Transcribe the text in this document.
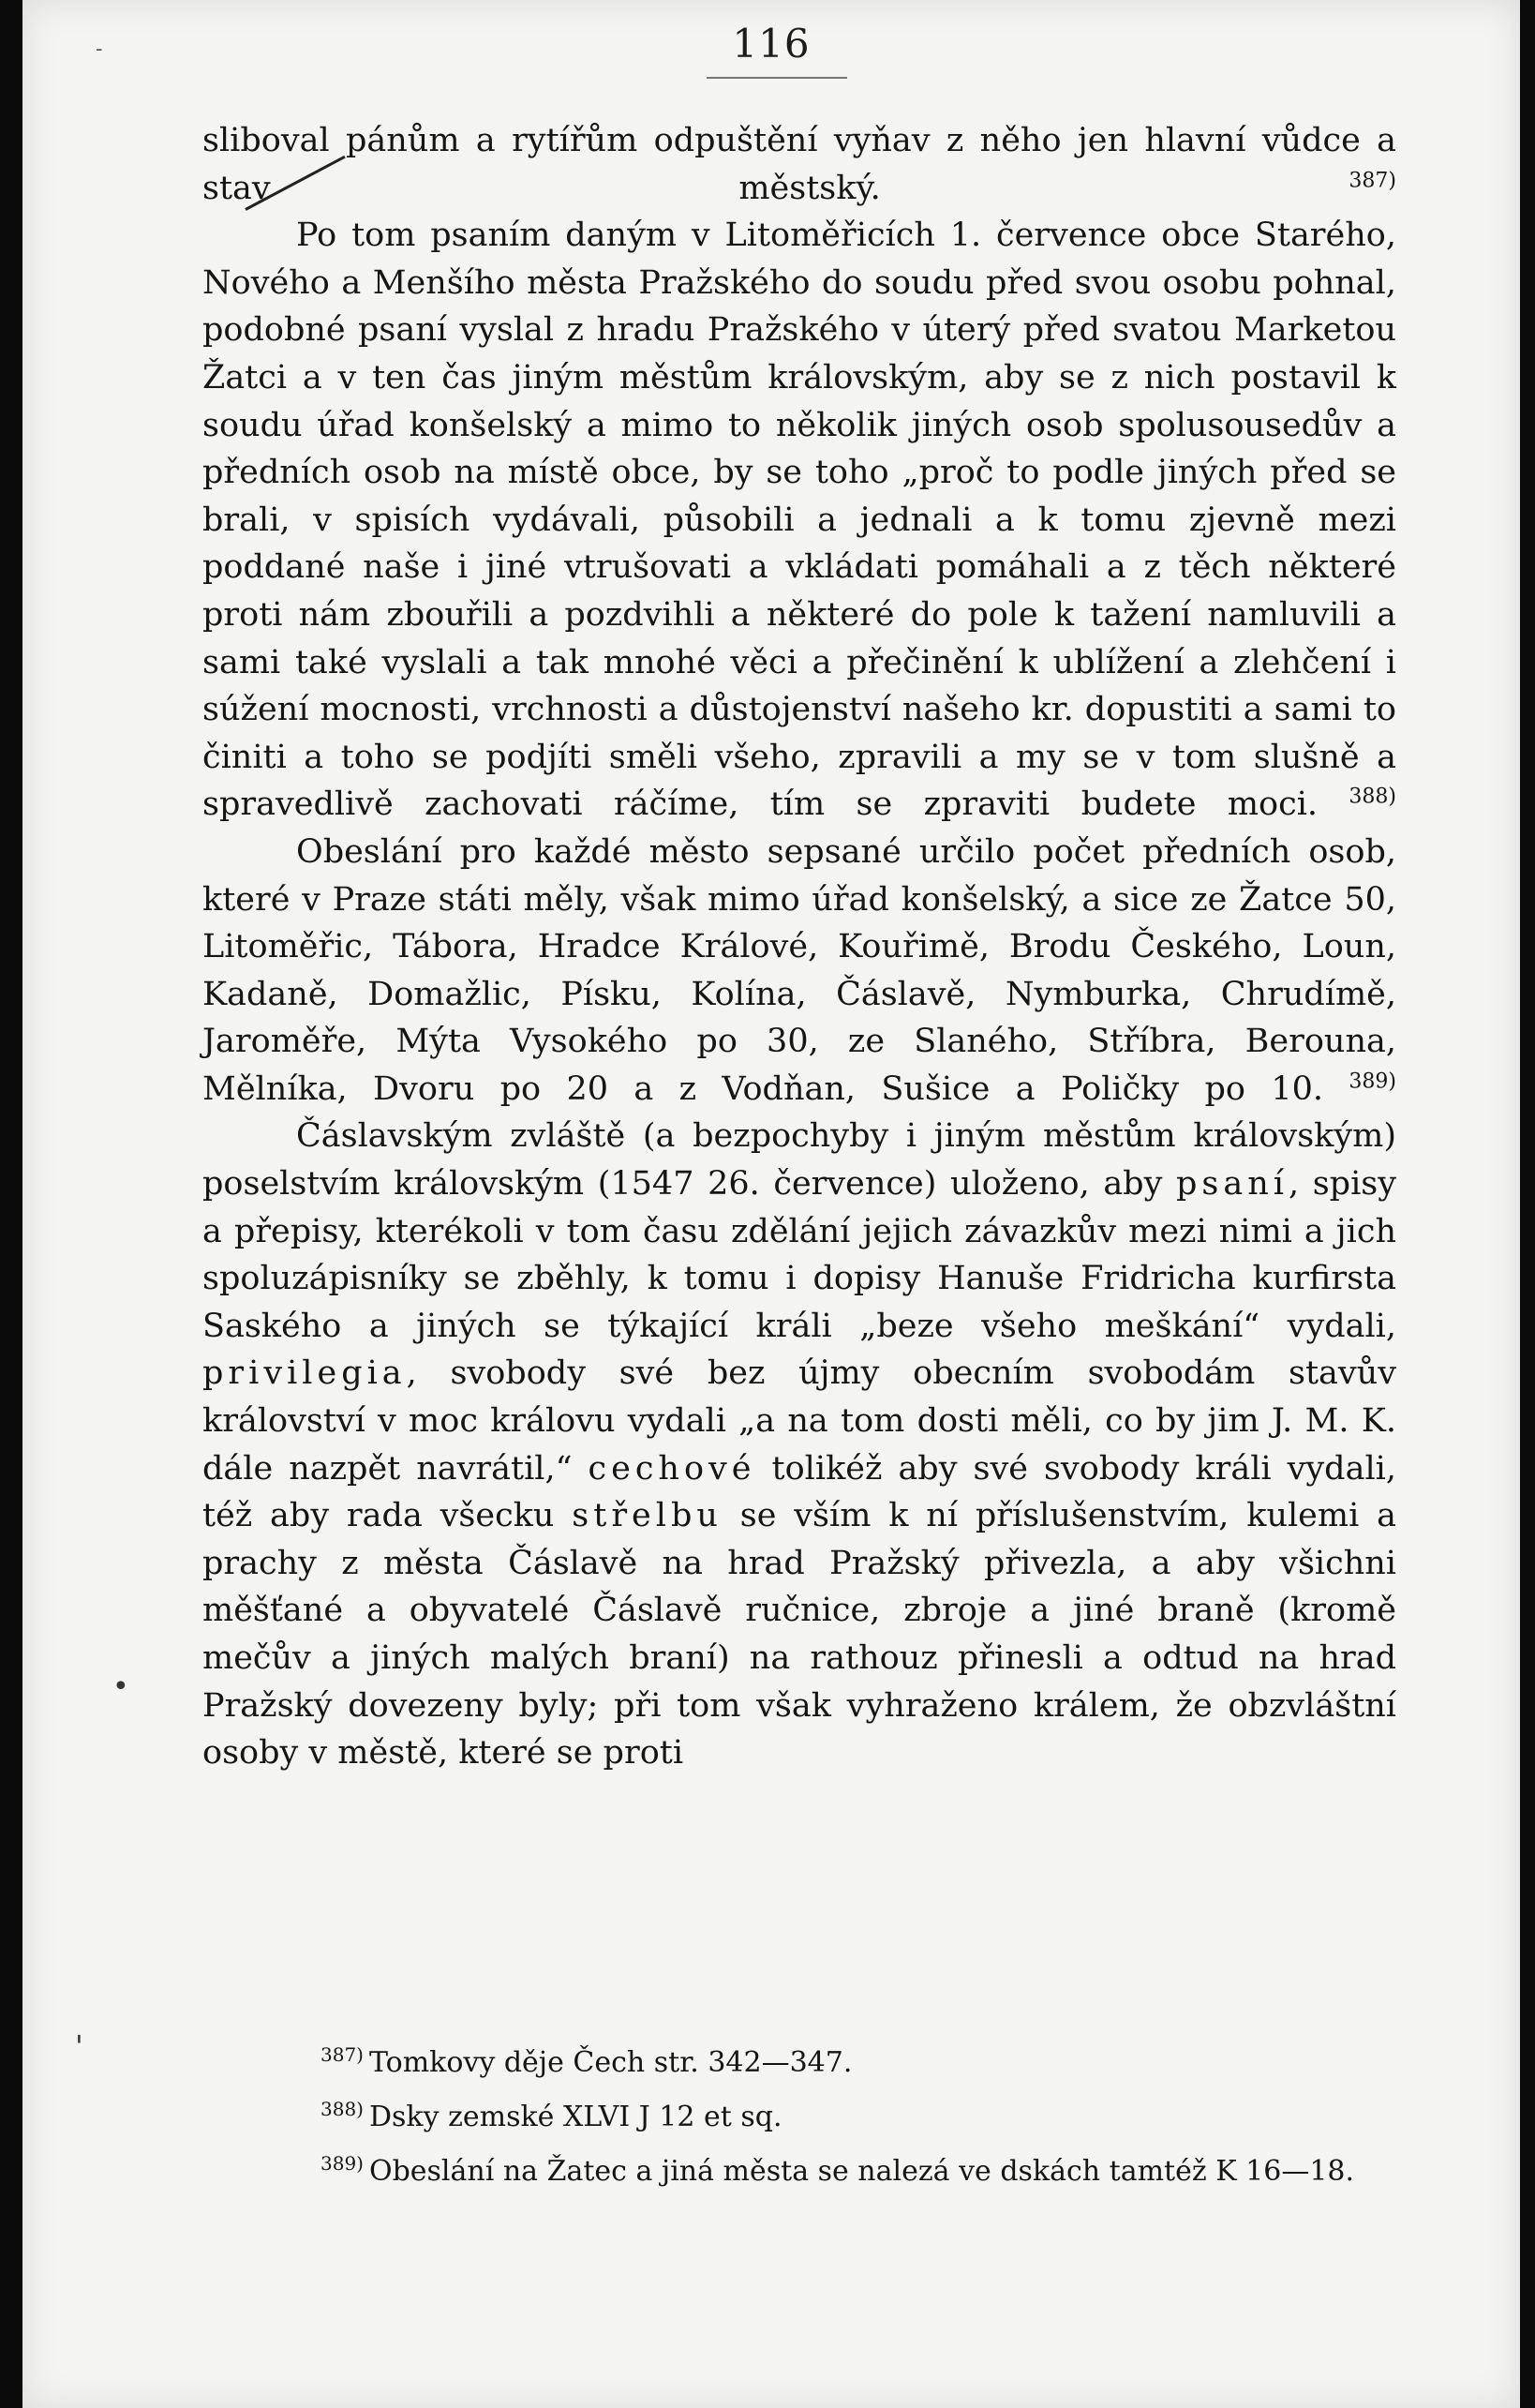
-	116

sliboval pánům a rytířům odpuštění vyňav z něho jen hlavní vůdce a stav městský.	$^{387)}$

Po tom psaním daným v Litoměřicích 1. července obce Starého, Nového a Menšího města Pražského do soudu před svou osobu pohnal, podobné psaní vyslal z hradu Pražského v úterý před svatou Marketou Žatci a v ten čas jiným městům královským, aby se z nich postavil k soudu úřad konšelský a mimo to několik jiných osob spolusousedův a předních osob na místě obce, by se toho „proč to podle jiných před se brali, v spisích vydávali, působili a jednali a k tomu zjevně mezi poddané naše i jiné vtrušovati a vkládati pomáhali a z těch některé proti nám zbouřili a pozdvihli a některé do pole k tažení namluvili a sami také vyslali a tak mnohé věci a přečinění k ublížení a zlehčení i súžení mocnosti, vrchnosti a důstojenství našeho kr. dopustiti a sami to činiti a toho se podjíti směli všeho, zpravili a my se v tom slušně a spravedlivě zachovati ráčíme, tím se zpraviti budete moci. $^{388)}$

Obeslání pro každé město sepsané určilo počet předních osob, které v Praze státi měly, však mimo úřad konšelský, a sice ze Žatce 50, Litoměřic, Tábora, Hradce Králové, Kouřimě, Brodu Českého, Loun, Kadaně, Domažlic, Písku, Kolína, Čáslavě, Nymburka, Chrudímě, Jaroměře, Mýta Vysokého po 30, ze Slaného, Stříbra, Berouna, Mělníka, Dvoru po 20 a z Vodňan, Sušice a Poličky po 10. $^{389)}$

Čáslavským zvláště (a bezpochyby i jiným městům královským) poselstvím královským (1547 26. července) uloženo, aby psaní, spisy a přepisy, kterékoli v tom času zdělání jejich závazkův mezi nimi a jich spoluzápisníky se zběhly, k tomu i dopisy Hanuše Fridricha kurfirsta Saského a jiných se týkající králi „beze všeho meškání“ vydali, privilegia, svobody své bez újmy obecním svobodám stavův království v moc královu vydali „a na tom dosti měli, co by jim J. M. K. dále nazpět navrátil,“ cechové tolikéž aby své svobody králi vydali, též aby rada všecku střelbu se vším k ní příslušenstvím, kulemi a prachy z města Čáslavě na hrad Pražský přivezla, a aby všichni měšťané a obyvatelé Čáslavě ručnice, zbroje a jiné braně (kromě mečův a jiných malých braní) na rathouz přinesli a odtud na hrad Pražský dovezeny byly; při tom však vyhraženo králem, že obzvláštní osoby v městě, které se proti

•
'	$^{387)}$ Tomkovy děje Čech str. 342—347.
$^{388)}$ Dsky zemské XLVI J 12 et sq.
$^{389)}$ Obeslání na Žatec a jiná města se nalezá ve dskách tamtéž K 16—18.
